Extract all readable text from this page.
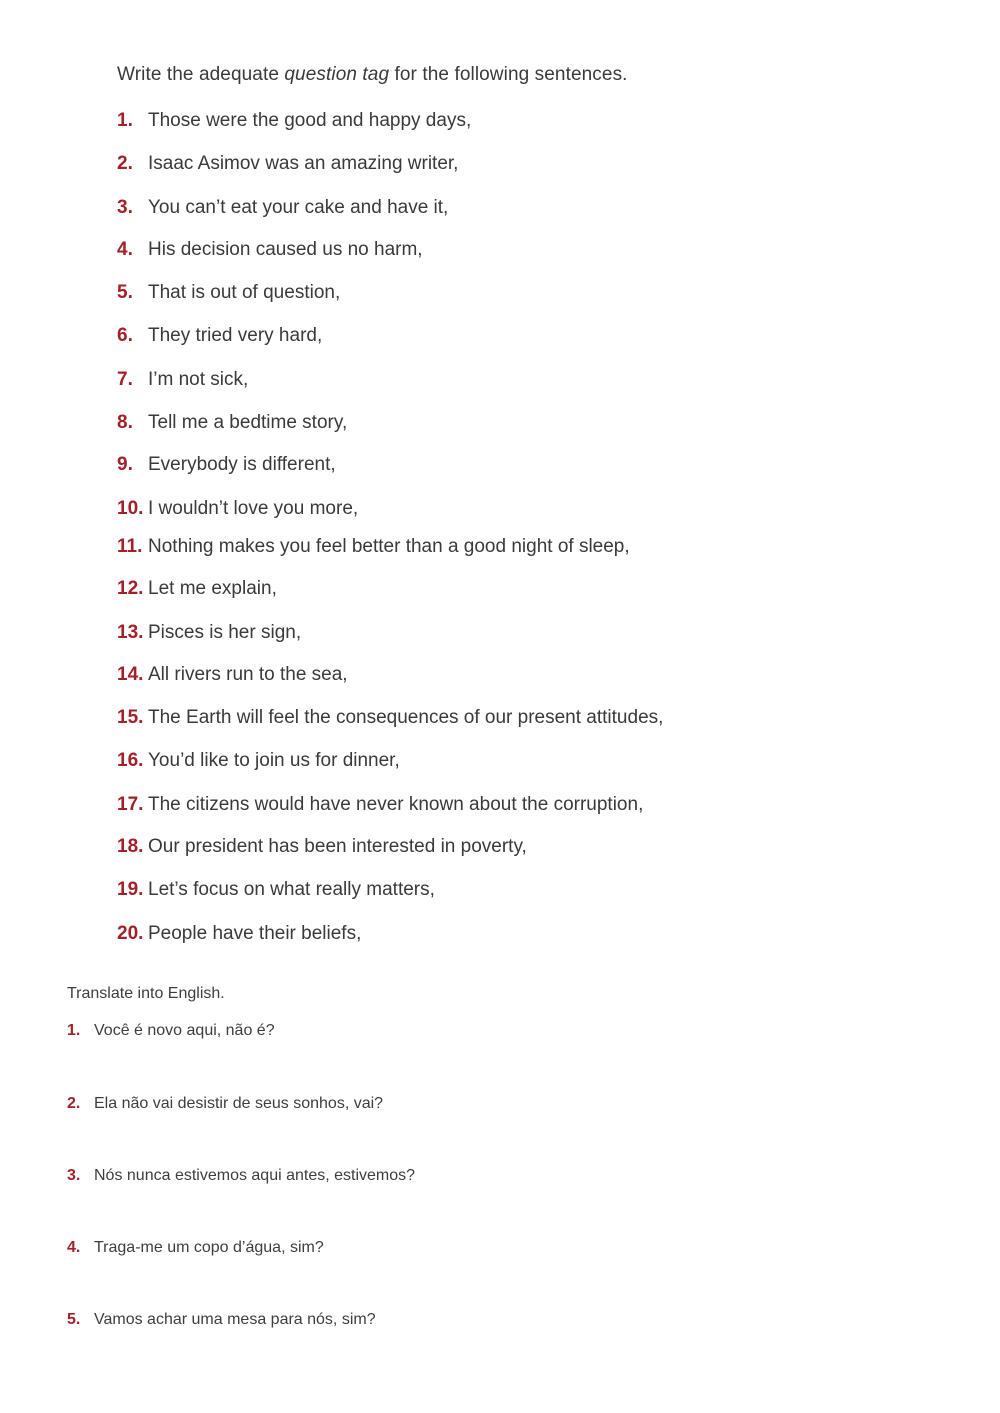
Write the adequate question tag for the following sentences.
1. Those were the good and happy days,
2. Isaac Asimov was an amazing writer,
3. You can’t eat your cake and have it,
4. His decision caused us no harm,
5. That is out of question,
6. They tried very hard,
7. I’m not sick,
8. Tell me a bedtime story,
9. Everybody is different,
10. I wouldn’t love you more,
11. Nothing makes you feel better than a good night of sleep,
12. Let me explain,
13. Pisces is her sign,
14. All rivers run to the sea,
15. The Earth will feel the consequences of our present attitudes,
16. You’d like to join us for dinner,
17. The citizens would have never known about the corruption,
18. Our president has been interested in poverty,
19. Let’s focus on what really matters,
20. People have their beliefs,
Translate into English.
1. Você é novo aqui, não é?
2. Ela não vai desistir de seus sonhos, vai?
3. Nós nunca estivemos aqui antes, estivemos?
4. Traga-me um copo d’água, sim?
5. Vamos achar uma mesa para nós, sim?
